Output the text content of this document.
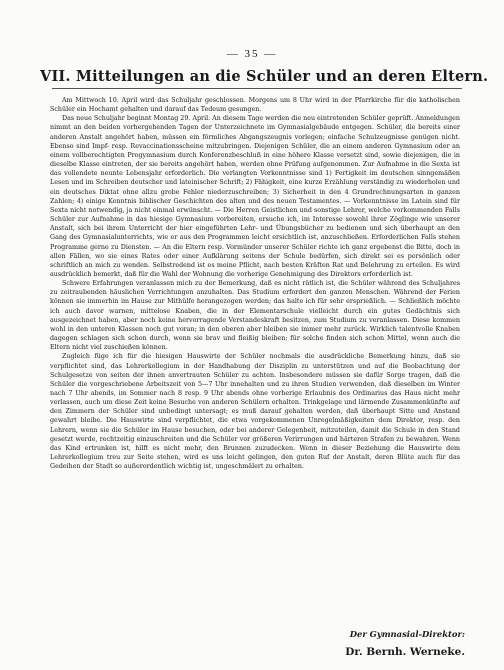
— 35 —
VII. Mitteilungen an die Schüler und an deren Eltern.

Am Mittwoch 10. April wird das Schuljahr geschlossen. Morgens um 8 Uhr wird in der Pfarrkirche für die katholischen Schüler ein Hochamt gehalten und darauf das Tedeum gesungen.

Das neue Schuljahr beginnt Montag 29. April. An diesem Tage werden die neu eintretenden Schüler geprüft. Anmeldungen nimmt an den beiden vorhergehenden Tagen der Unterzeichnete im Gymnasialgebäude entgegen. Schüler, die bereits einer anderen Anstalt angehört haben, müssen ein förmliches Abgangszeugnis vorlegen; einfache Schulzeugnisse genügen nicht. Ebenso sind Impf- resp. Revaccinationsscheine mitzubringen. Diejenigen Schüler, die an einem anderen Gymnasium oder an einem vollberechtigten Progymnasium durch Konferenzbeschluß in eine höhere Klasse versetzt sind, sowie diejenigen, die in dieselbe Klasse eintreten, der sie bereits angehört haben, werden ohne Prüfung aufgenommen. Zur Aufnahme in die Sexta ist das vollendete neunte Lebensjahr erforderlich. Die verlangten Vorkenntnisse sind 1) Fertigkeit im deutschen sinngemäßen Lesen und im Schreiben deutscher und lateinischer Schrift; 2) Fähigkeit, eine kurze Erzählung verständig zu wiederholen und ein deutsches Diktat ohne allzu grobe Fehler niederzuschreiben; 3) Sicherheit in den 4 Grundrechnungsarten in ganzen Zahlen; 4) einige Kenntnis biblischer Geschichten des alten und des neuen Testamentes. — Vorkenntnisse im Latein sind für Sexta nicht notwendig, ja nicht einmal erwünscht. — Die Herren Geistlichen und sonstige Lehrer, welche vorkommenden Falls Schüler zur Aufnahme in das hiesige Gymnasium vorbereiten, ersuche ich, im Interesse sowohl ihrer Zöglinge wie unserer Anstalt, sich bei ihrem Unterricht der hier eingeführten Lehr- und Übungsbücher zu bedienen und sich überhaupt an den Gang des Gymnasialunterrichts, wie er aus den Programmen leicht ersichtlich ist, anzuschließen. Erforderlichen Falls stehen Programme gerne zu Diensten. — An die Eltern resp. Vormünder unserer Schüler richte ich ganz ergebenst die Bitte, doch in allen Fällen, wo sie eines Rates oder einer Aufklärung seitens der Schule bedürfen, sich direkt sei es persönlich oder schriftlich an mich zu wenden. Selbstredend ist es meine Pflicht, nach besten Kräften Rat und Belehrung zu erteilen. Es wird ausdrücklich bemerkt, daß für die Wahl der Wohnung die vorherige Genehmigung des Direktors erforderlich ist.

Schwere Erfahrungen veranlassen mich zu der Bemerkung, daß es nicht rätlich ist, die Schüler während des Schuljahres zu zeitraubenden häuslichen Verrichtungen anzuhalten. Das Studium erfordert den ganzen Menschen. Während der Ferien können sie immerhin im Hause zur Mithülfe herangezogen werden; das halte ich für sehr ersprießlich. — Schließlich möchte ich auch davor warnen, mittelose Knaben, die in der Elementarschule vielleicht durch ein gutes Gedächtnis sich ausgezeichnet haben, aber noch keine hervorragende Verstandeskraft besitzen, zum Studium zu veranlassen. Diese kommen wohl in den unteren Klassen noch gut voran; in den oberen aber bleiben sie immer mehr zurück. Wirklich talentvolle Knaben dagegen schlagen sich schon durch, wenn sie brav und fleißig bleiben; für solche finden sich schon Mittel, wenn auch die Eltern nicht viel zuschießen können.

Zugleich füge ich für die hiesigen Hauswirte der Schüler nochmals die ausdrückliche Bemerkung hinzu, daß sie verpflichtet sind, das Lehrerkollegium in der Handhabung der Disziplin zu unterstützen und auf die Beobachtung der Schulgesetze von seiten der ihnen anvertrauten Schüler zu achten. Insbesondere müssen sie dafür Sorge tragen, daß die Schüler die vorgeschriebene Arbeitszeit von 5—7 Uhr innehalten und zu ihren Studien verwenden, daß dieselben im Winter nach 7 Uhr abends, im Sommer nach 8 resp. 9 Uhr abends ohne vorherige Erlaubnis des Ordinarius das Haus nicht mehr verlassen, auch um diese Zeit keine Besuche von anderen Schülern erhalten. Trinkgelage und lärmende Zusammenkünfte auf den Zimmern der Schüler sind unbedingt untersagt; es muß darauf gehalten werden, daß überhaupt Sitte und Anstand gewahrt bleibe. Die Hauswirte sind verpflichtet, die etwa vorgekommenen Unregelmäßigkeiten dem Direktor, resp. den Lehrern, wenn sie die Schüler im Hause besuchen, oder bei anderer Gelegenheit, mitzuteilen, damit die Schule in den Stand gesetzt werde, rechtzeitig einzuschreiten und die Schüler vor größeren Verirrungen und härteren Strafen zu bewahren. Wenn das Kind ertrunken ist, hilft es nicht mehr, den Brunnen zuzudecken. Wenn in dieser Beziehung die Hauswirte dem Lehrerkollegium treu zur Seite stehen, wird es uns leicht gelingen, den guten Ruf der Anstalt, deren Blüte auch für das Gedeihen der Stadt so außerordentlich wichtig ist, ungeschmälert zu erhalten.

Der Gymnasial-Direktor:
Dr. Bernh. Werneke.
